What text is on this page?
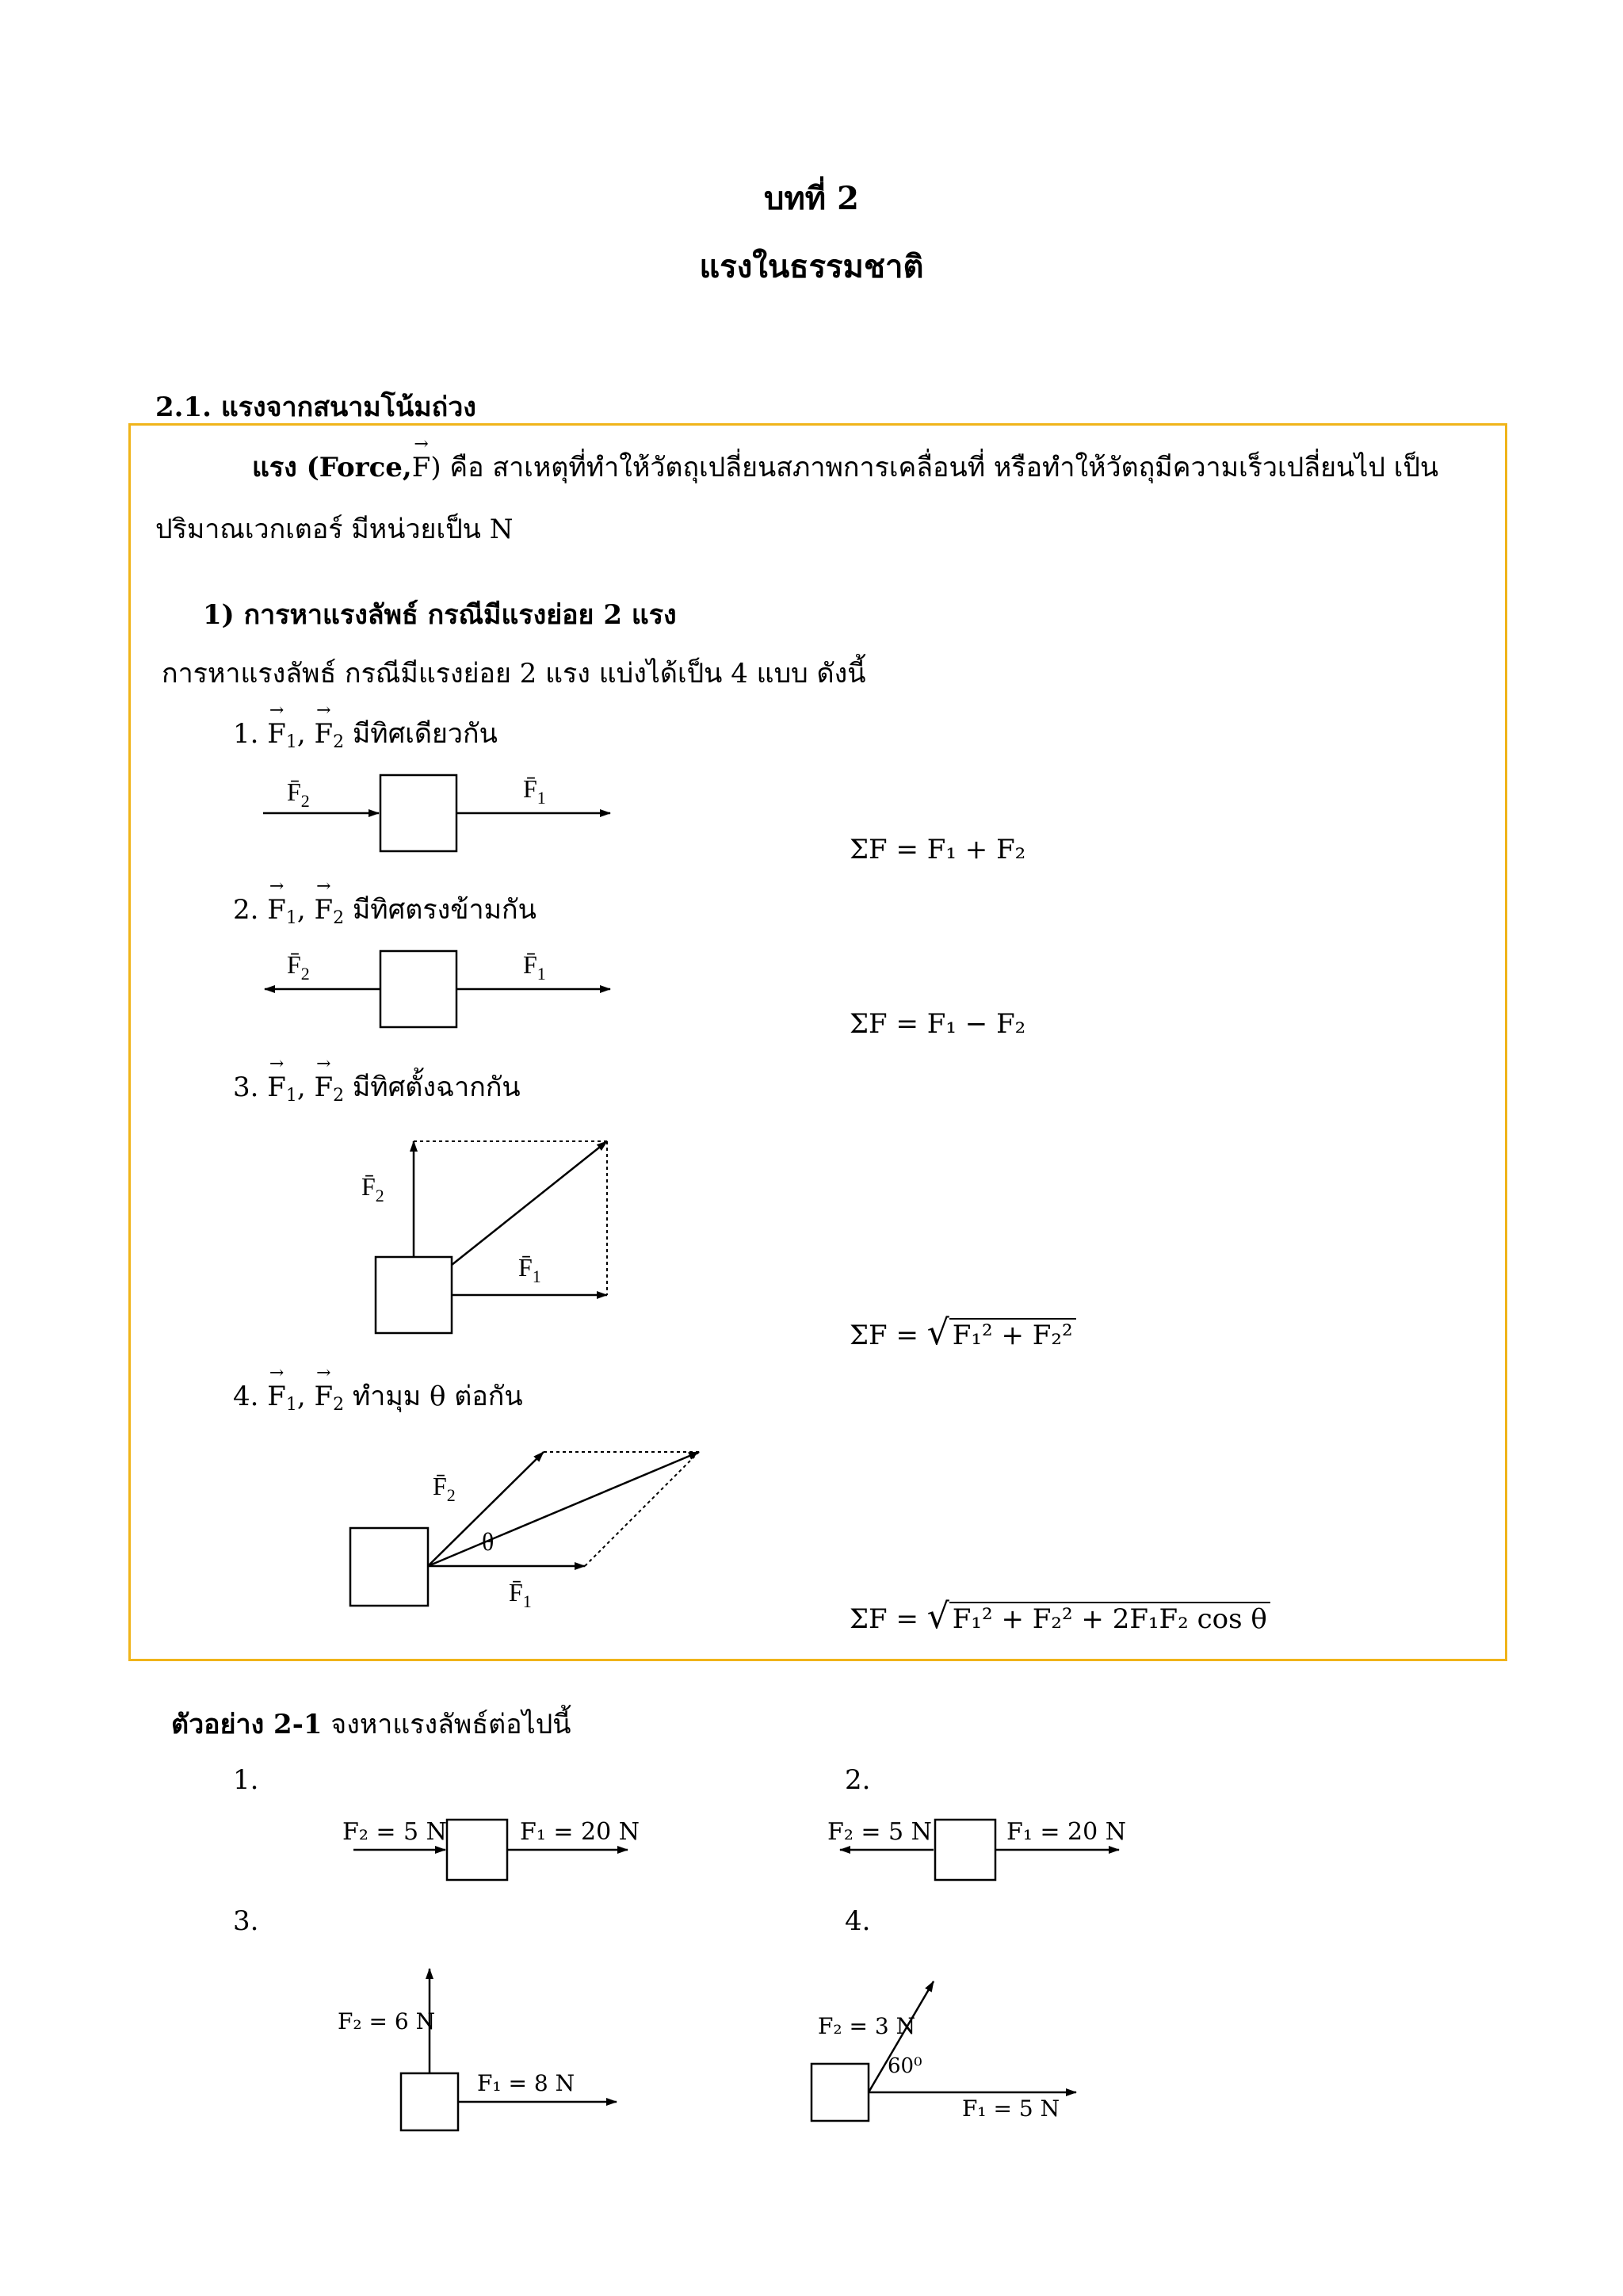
บทที่ 2
แรงในธรรมชาติ
2.1. แรงจากสนามโน้มถ่วง
แรง (Force,→ F) คือ สาเหตุที่ทำให้วัตถุเปลี่ยนสภาพการเคลื่อนที่ หรือทำให้วัตถุมีความเร็วเปลี่ยนไป เป็น
ปริมาณเวกเตอร์ มีหน่วยเป็น N
1) การหาแรงลัพธ์ กรณีมีแรงย่อย 2 แรง
การหาแรงลัพธ์ กรณีมีแรงย่อย 2 แรง แบ่งได้เป็น 4 แบบ ดังนี้
1. → $F_1$, → $F_2$ มีทิศเดียวกัน
2. → $F_1$, → $F_2$ มีทิศตรงข้ามกัน
3. → $F_1$, → $F_2$ มีทิศตั้งฉากกัน
4. → $F_1$, → $F_2$ ทำมุม θ ต่อกัน
ΣF = F₁ + F₂
ΣF = F₁ − F₂
ΣF = √ F₁² + F₂²
ΣF = √ F₁² + F₂² + 2F₁F₂ cos θ
$F̄_2$	$F̄_1$
$F̄_2$	$F̄_1$
$F̄_2$
$F̄_1$
$F̄_2$
θ
$F̄_1$
ตัวอย่าง 2-1 จงหาแรงลัพธ์ต่อไปนี้
1.	2.
3.	4.
F₂ = 5 N	F₁ = 20 N	F₂ = 5 N	F₁ = 20 N
F₂ = 6 N
F₁ = 8 N
F₂ = 3 N
60⁰
F₁ = 5 N
